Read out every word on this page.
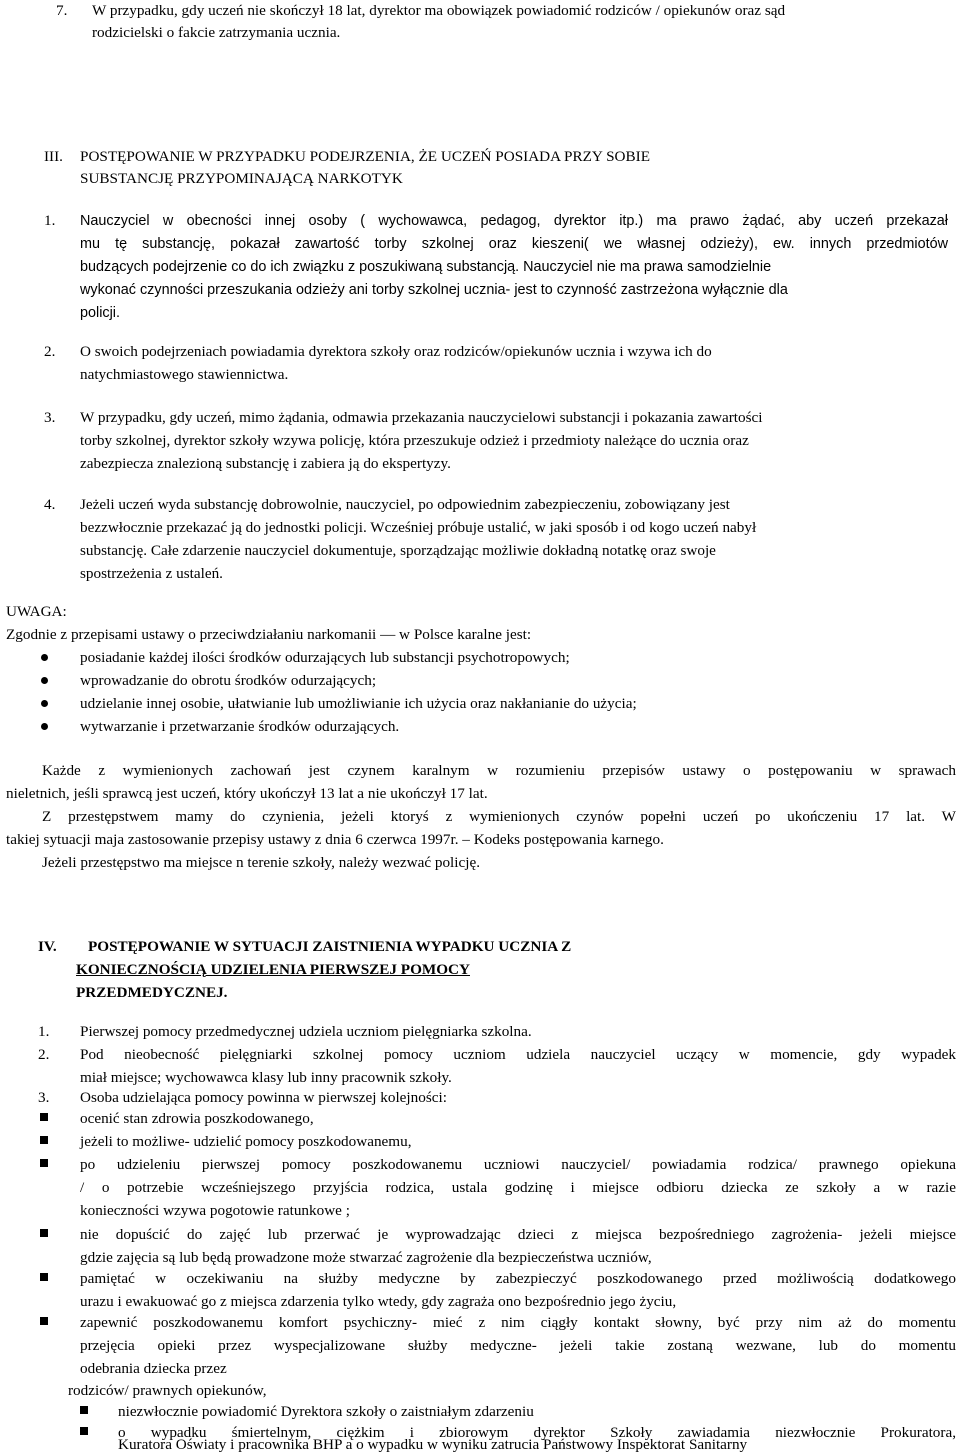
7. W przypadku, gdy uczeń nie skończył 18 lat, dyrektor ma obowiązek powiadomić rodziców / opiekunów oraz sąd
rodzicielski o fakcie zatrzymania ucznia.
III. POSTĘPOWANIE W PRZYPADKU PODEJRZENIA, ŻE UCZEŃ POSIADA PRZY SOBIE
SUBSTANCJĘ PRZYPOMINAJĄCĄ NARKOTYK
1. Nauczyciel w obecności innej osoby ( wychowawca, pedagog, dyrektor itp.) ma prawo żądać, aby uczeń przekazał
mu tę substancję, pokazał zawartość torby szkolnej oraz kieszeni( we własnej odzieży), ew. innych przedmiotów
budzących podejrzenie co do ich związku z poszukiwaną substancją. Nauczyciel nie ma prawa samodzielnie
wykonać czynności przeszukania odzieży ani torby szkolnej ucznia- jest to czynność zastrzeżona wyłącznie dla
policji.
2. O swoich podejrzeniach powiadamia dyrektora szkoły oraz rodziców/opiekunów ucznia i wzywa ich do
natychmiastowego stawiennictwa.
3. W przypadku, gdy uczeń, mimo żądania, odmawia przekazania nauczycielowi substancji i pokazania zawartości
torby szkolnej, dyrektor szkoły wzywa policję, która przeszukuje odzież i przedmioty należące do ucznia oraz
zabezpiecza znalezioną substancję i zabiera ją do ekspertyzy.
4. Jeżeli uczeń wyda substancję dobrowolnie, nauczyciel, po odpowiednim zabezpieczeniu, zobowiązany jest
bezzwłocznie przekazać ją do jednostki policji. Wcześniej próbuje ustalić, w jaki sposób i od kogo uczeń nabył
substancję. Całe zdarzenie nauczyciel dokumentuje, sporządzając możliwie dokładną notatkę oraz swoje
spostrzeżenia z ustaleń.
UWAGA:
Zgodnie z przepisami ustawy o przeciwdziałaniu narkomanii — w Polsce karalne jest:
posiadanie każdej ilości środków odurzających lub substancji psychotropowych;
wprowadzanie do obrotu środków odurzających;
udzielanie innej osobie, ułatwianie lub umożliwianie ich użycia oraz nakłanianie do użycia;
wytwarzanie i przetwarzanie środków odurzających.
Każde z wymienionych zachowań jest czynem karalnym w rozumieniu przepisów ustawy o postępowaniu w sprawach
nieletnich, jeśli sprawcą jest uczeń, który ukończył 13 lat a nie ukończył 17 lat.
Z przestępstwem mamy do czynienia, jeżeli ktoryś z wymienionych czynów popełni uczeń po ukończeniu 17 lat. W
takiej sytuacji maja zastosowanie przepisy ustawy z dnia 6 czerwca 1997r. – Kodeks postępowania karnego.
Jeżeli przestępstwo ma miejsce n terenie szkoły, należy wezwać policję.
IV. POSTĘPOWANIE W SYTUACJI ZAISTNIENIA WYPADKU UCZNIA Z
KONIECZNOŚCIĄ UDZIELENIA PIERWSZEJ POMOCY
PRZEDMEDYCZNEJ.
1. Pierwszej pomocy przedmedycznej udziela uczniom pielęgniarka szkolna.
2. Pod nieobecność pielęgniarki szkolnej pomocy uczniom udziela nauczyciel uczący w momencie, gdy wypadek
miał miejsce; wychowawca klasy lub inny pracownik szkoły.
3. Osoba udzielająca pomocy powinna w pierwszej kolejności:
ocenić stan zdrowia poszkodowanego,
jeżeli to możliwe- udzielić pomocy poszkodowanemu,
po udzieleniu pierwszej pomocy poszkodowanemu uczniowi nauczyciel/ powiadamia rodzica/ prawnego opiekuna
/ o potrzebie wcześniejszego przyjścia rodzica, ustala godzinę i miejsce odbioru dziecka ze szkoły a w razie
konieczności wzywa pogotowie ratunkowe ;
nie dopuścić do zajęć lub przerwać je wyprowadzając dzieci z miejsca bezpośredniego zagrożenia- jeżeli miejsce
gdzie zajęcia są lub będą prowadzone może stwarzać zagrożenie dla bezpieczeństwa uczniów,
pamiętać w oczekiwaniu na służby medyczne by zabezpieczyć poszkodowanego przed możliwością dodatkowego
urazu i ewakuować go z miejsca zdarzenia tylko wtedy, gdy zagraża ono bezpośrednio jego życiu,
zapewnić poszkodowanemu komfort psychiczny- mieć z nim ciągły kontakt słowny, być przy nim aż do momentu
przejęcia opieki przez wyspecjalizowane służby medyczne- jeżeli takie zostaną wezwane, lub do momentu
odebrania dziecka przez
rodziców/ prawnych opiekunów,
niezwłocznie powiadomić Dyrektora szkoły o zaistniałym zdarzeniu
o wypadku śmiertelnym, ciężkim i zbiorowym dyrektor Szkoły zawiadamia niezwłocznie Prokuratora,
Kuratora Oświaty i pracownika BHP a o wypadku w wyniku zatrucia Państwowy Inspektorat Sanitarny
